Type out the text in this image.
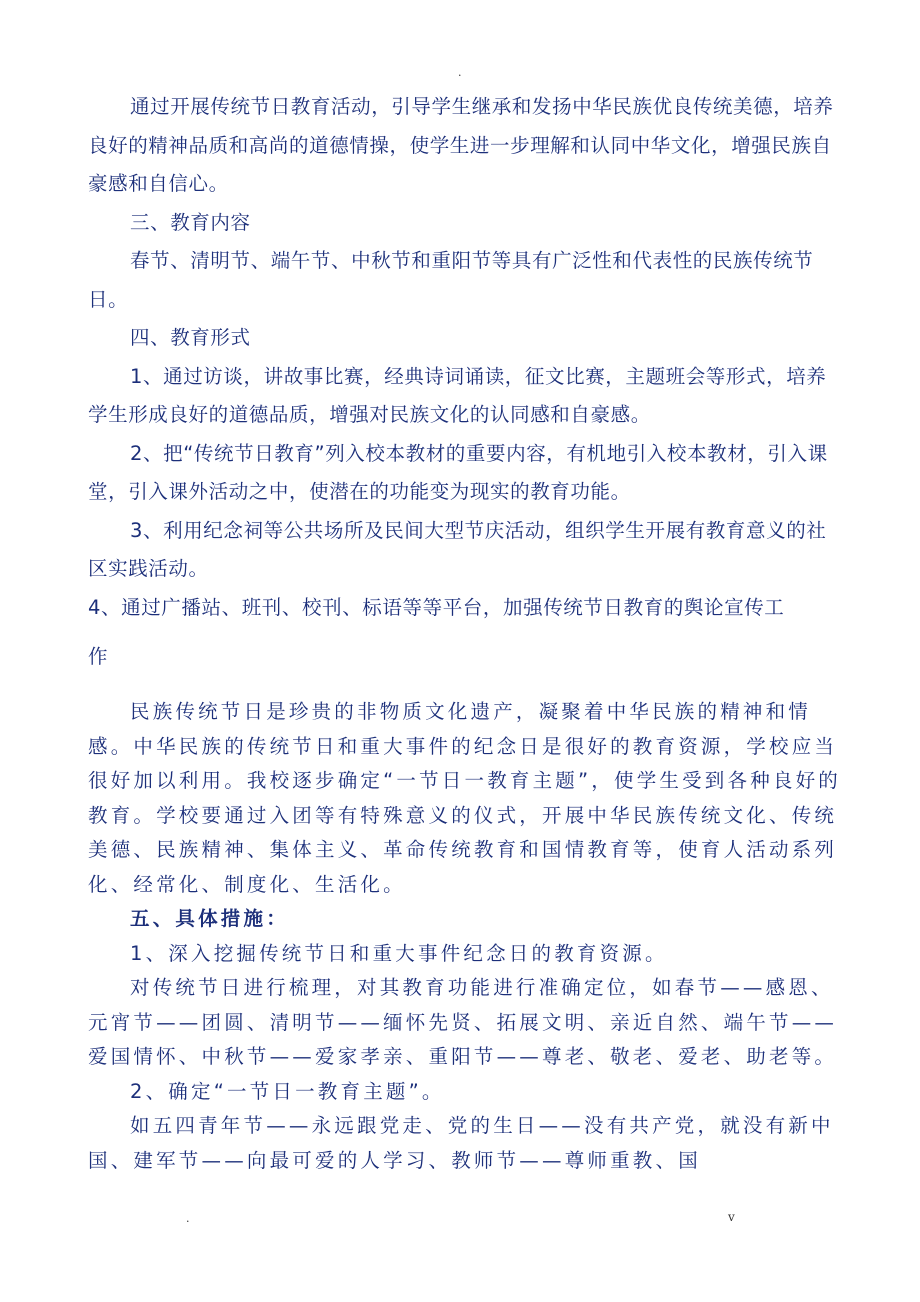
.

通过开展传统节日教育活动，引导学生继承和发扬中华民族优良传统美德，培养良好的精神品质和高尚的道德情操，使学生进一步理解和认同中华文化，增强民族自豪感和自信心。

三、教育内容

春节、清明节、端午节、中秋节和重阳节等具有广泛性和代表性的民族传统节日。

四、教育形式

1、通过访谈，讲故事比赛，经典诗词诵读，征文比赛，主题班会等形式，培养学生形成良好的道德品质，增强对民族文化的认同感和自豪感。

2、把“传统节日教育”列入校本教材的重要内容，有机地引入校本教材，引入课堂，引入课外活动之中，使潜在的功能变为现实的教育功能。

3、利用纪念祠等公共场所及民间大型节庆活动，组织学生开展有教育意义的社区实践活动。

4、通过广播站、班刊、校刊、标语等等平台，加强传统节日教育的舆论宣传工

作

民族传统节日是珍贵的非物质文化遗产，凝聚着中华民族的精神和情感。中华民族的传统节日和重大事件的纪念日是很好的教育资源，学校应当很好加以利用。我校逐步确定“一节日一教育主题”，使学生受到各种良好的教育。学校要通过入团等有特殊意义的仪式，开展中华民族传统文化、传统美德、民族精神、集体主义、革命传统教育和国情教育等，使育人活动系列化、经常化、制度化、生活化。

五、具体措施：

1、深入挖掘传统节日和重大事件纪念日的教育资源。

对传统节日进行梳理，对其教育功能进行准确定位，如春节——感恩、元宵节——团圆、清明节——缅怀先贤、拓展文明、亲近自然、端午节——爱国情怀、中秋节——爱家孝亲、重阳节——尊老、敬老、爱老、助老等。

2、确定“一节日一教育主题”。

如五四青年节——永远跟党走、党的生日——没有共产党，就没有新中国、建军节——向最可爱的人学习、教师节——尊师重教、国

.	v
